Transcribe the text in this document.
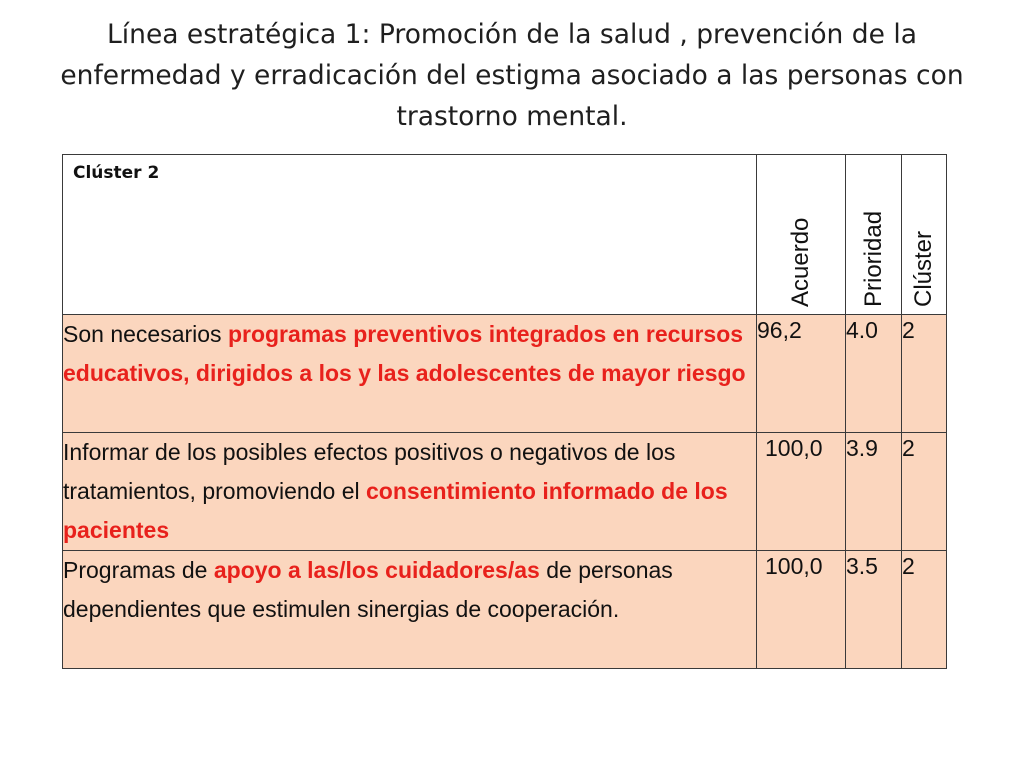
Línea estratégica 1: Promoción de la salud , prevención de la enfermedad y erradicación del estigma asociado a las personas con trastorno mental.
Clúster 2	Acuerdo	Prioridad	Clúster

Son necesarios programas preventivos integrados en recursos educativos, dirigidos a los y las adolescentes de mayor riesgo	96,2	4.0	2
Informar de los posibles efectos positivos o negativos de los tratamientos, promoviendo el consentimiento informado de los pacientes	100,0	3.9	2
Programas de apoyo a las/los cuidadores/as de personas dependientes que estimulen sinergias de cooperación.	100,0	3.5	2
